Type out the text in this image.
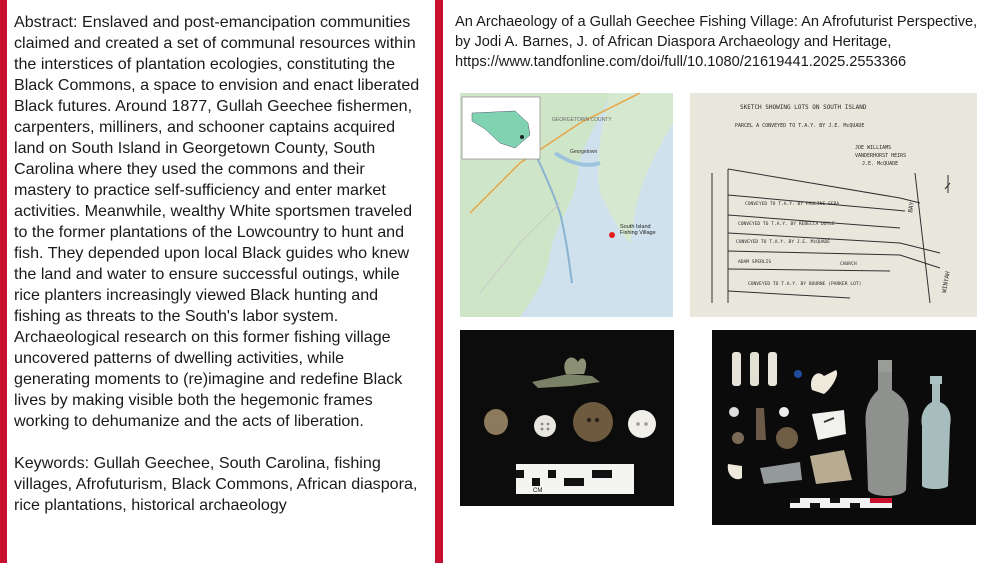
Abstract: Enslaved and post-emancipation communities claimed and created a set of communal resources within the interstices of plantation ecologies, constituting the Black Commons, a space to envision and enact liberated Black futures. Around 1877, Gullah Geechee fishermen, carpenters, milliners, and schooner captains acquired land on South Island in Georgetown County, South Carolina where they used the commons and their mastery to practice self-sufficiency and enter market activities. Meanwhile, wealthy White sportsmen traveled to the former plantations of the Lowcountry to hunt and fish. They depended upon local Black guides who knew the land and water to ensure successful outings, while rice planters increasingly viewed Black hunting and fishing as threats to the South's labor system. Archaeological research on this former fishing village uncovered patterns of dwelling activities, while generating moments to (re)imagine and redefine Black lives by making visible both the hegemonic frames working to dehumanize and the acts of liberation.

Keywords: Gullah Geechee, South Carolina, fishing villages, Afrofuturism, Black Commons, African diaspora, rice plantations, historical archaeology

An Archaeology of a Gullah Geechee Fishing Village: An Afrofuturist Perspective, by Jodi A. Barnes, J. of African Diaspora Archaeology and Heritage, https://www.tandfonline.com/doi/full/10.1080/21619441.2025.2553366

GEORGETOWN COUNTY
Georgetown
South Island Fishing Village
SKETCH SHOWING LOTS ON SOUTH ISLAND
PARCEL A CONVEYED TO T.A.Y. BY J.E. McQUADE
JOE WILLIAMS
VANDERHORST HEIRS
J.E. McQUADE
CONVEYED TO T.A.Y. BY PAULINE SEBA
CONVEYED TO T.A.Y. BY REBECCA DOYLE
CONVEYED TO T.A.Y. BY J.E. McQUADE
ADAM SPERLIS
CONVEYED TO T.A.Y. BY BOURNE (PARKER LOT)
CHURCH
BAY
WINYAH
CM
